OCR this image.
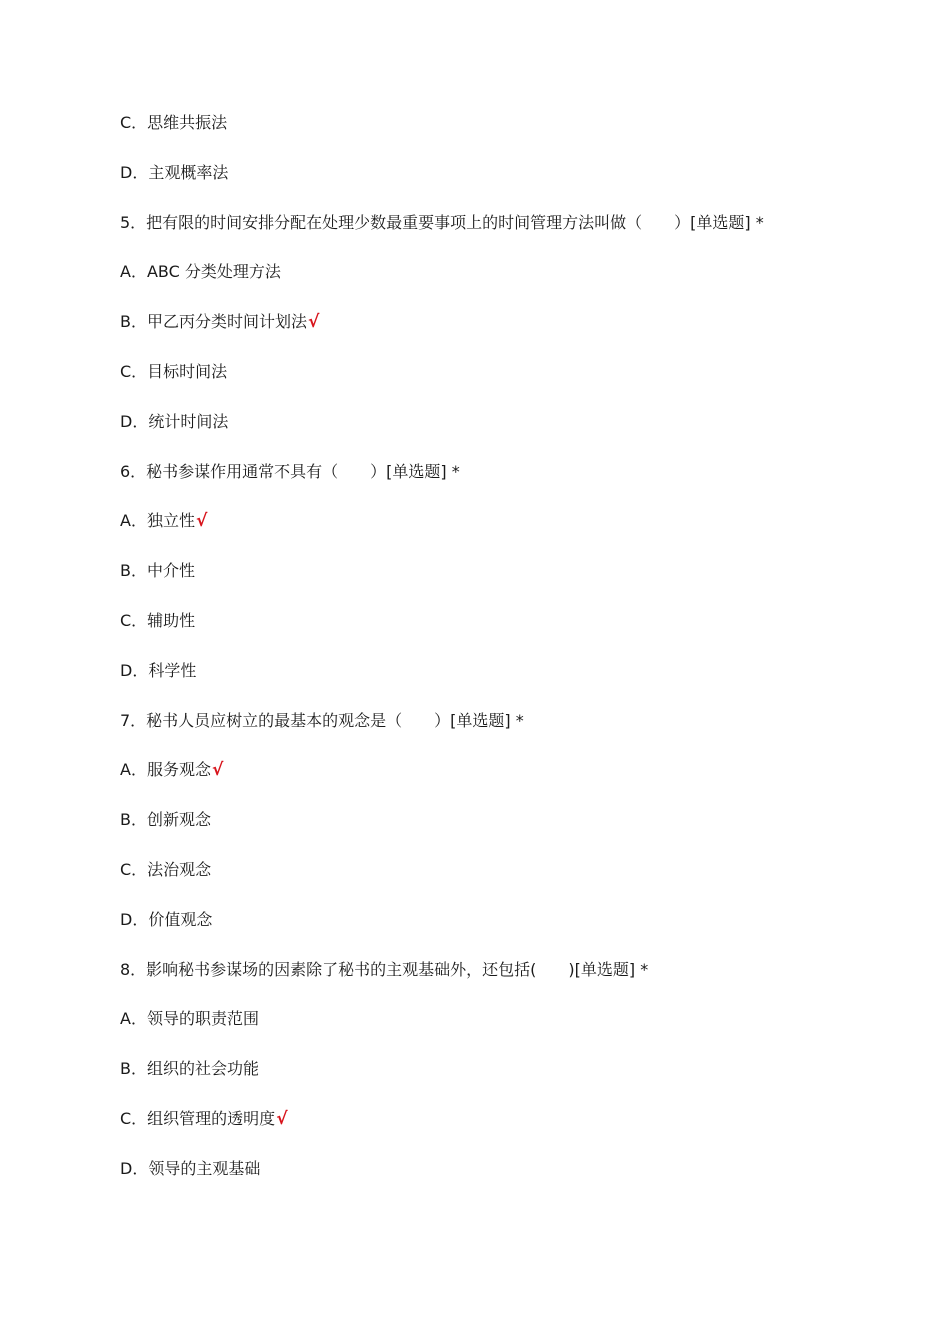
C．思维共振法
D．主观概率法
5．把有限的时间安排分配在处理少数最重要事项上的时间管理方法叫做（　　）[单选题] *
A．ABC 分类处理方法
B．甲乙丙分类时间计划法√
C．目标时间法
D．统计时间法
6．秘书参谋作用通常不具有（　　）[单选题] *
A．独立性√
B．中介性
C．辅助性
D．科学性
7．秘书人员应树立的最基本的观念是（　　）[单选题] *
A．服务观念√
B．创新观念
C．法治观念
D．价值观念
8．影响秘书参谋场的因素除了秘书的主观基础外，还包括(　　)[单选题] *
A．领导的职责范围
B．组织的社会功能
C．组织管理的透明度√
D．领导的主观基础
